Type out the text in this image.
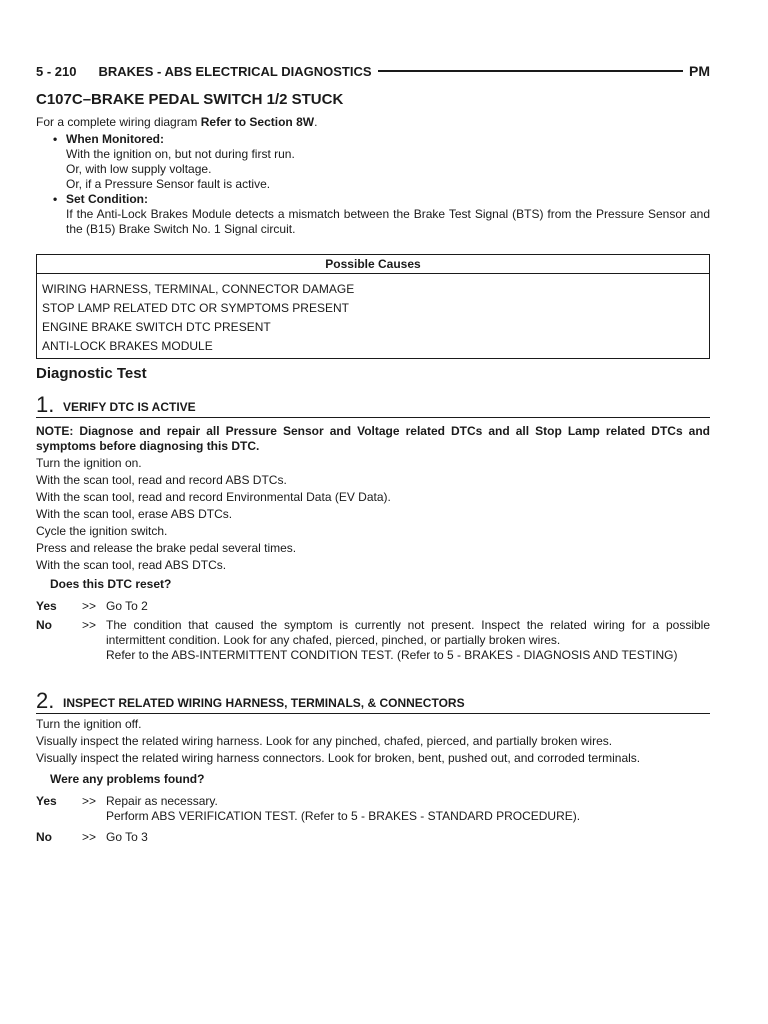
5 - 210 BRAKES - ABS ELECTRICAL DIAGNOSTICS	PM
C107C–BRAKE PEDAL SWITCH 1/2 STUCK
For a complete wiring diagram Refer to Section 8W.
• When Monitored:
With the ignition on, but not during first run.
Or, with low supply voltage.
Or, if a Pressure Sensor fault is active.
• Set Condition:
If the Anti-Lock Brakes Module detects a mismatch between the Brake Test Signal (BTS) from the Pressure Sensor and the (B15) Brake Switch No. 1 Signal circuit.
Possible Causes
WIRING HARNESS, TERMINAL, CONNECTOR DAMAGE
STOP LAMP RELATED DTC OR SYMPTOMS PRESENT
ENGINE BRAKE SWITCH DTC PRESENT
ANTI-LOCK BRAKES MODULE
Diagnostic Test
1. VERIFY DTC IS ACTIVE
NOTE: Diagnose and repair all Pressure Sensor and Voltage related DTCs and all Stop Lamp related DTCs and symptoms before diagnosing this DTC.
Turn the ignition on.
With the scan tool, read and record ABS DTCs.
With the scan tool, read and record Environmental Data (EV Data).
With the scan tool, erase ABS DTCs.
Cycle the ignition switch.
Press and release the brake pedal several times.
With the scan tool, read ABS DTCs.
Does this DTC reset?
Yes >> Go To 2
No	>> The condition that caused the symptom is currently not present. Inspect the related wiring for a possible intermittent condition. Look for any chafed, pierced, pinched, or partially broken wires.
Refer to the ABS-INTERMITTENT CONDITION TEST. (Refer to 5 - BRAKES - DIAGNOSIS AND TESTING)
2. INSPECT RELATED WIRING HARNESS, TERMINALS, & CONNECTORS
Turn the ignition off.
Visually inspect the related wiring harness. Look for any pinched, chafed, pierced, and partially broken wires.
Visually inspect the related wiring harness connectors. Look for broken, bent, pushed out, and corroded terminals.
Were any problems found?
Yes >> Repair as necessary.
Perform ABS VERIFICATION TEST. (Refer to 5 - BRAKES - STANDARD PROCEDURE).
No	>> Go To 3
